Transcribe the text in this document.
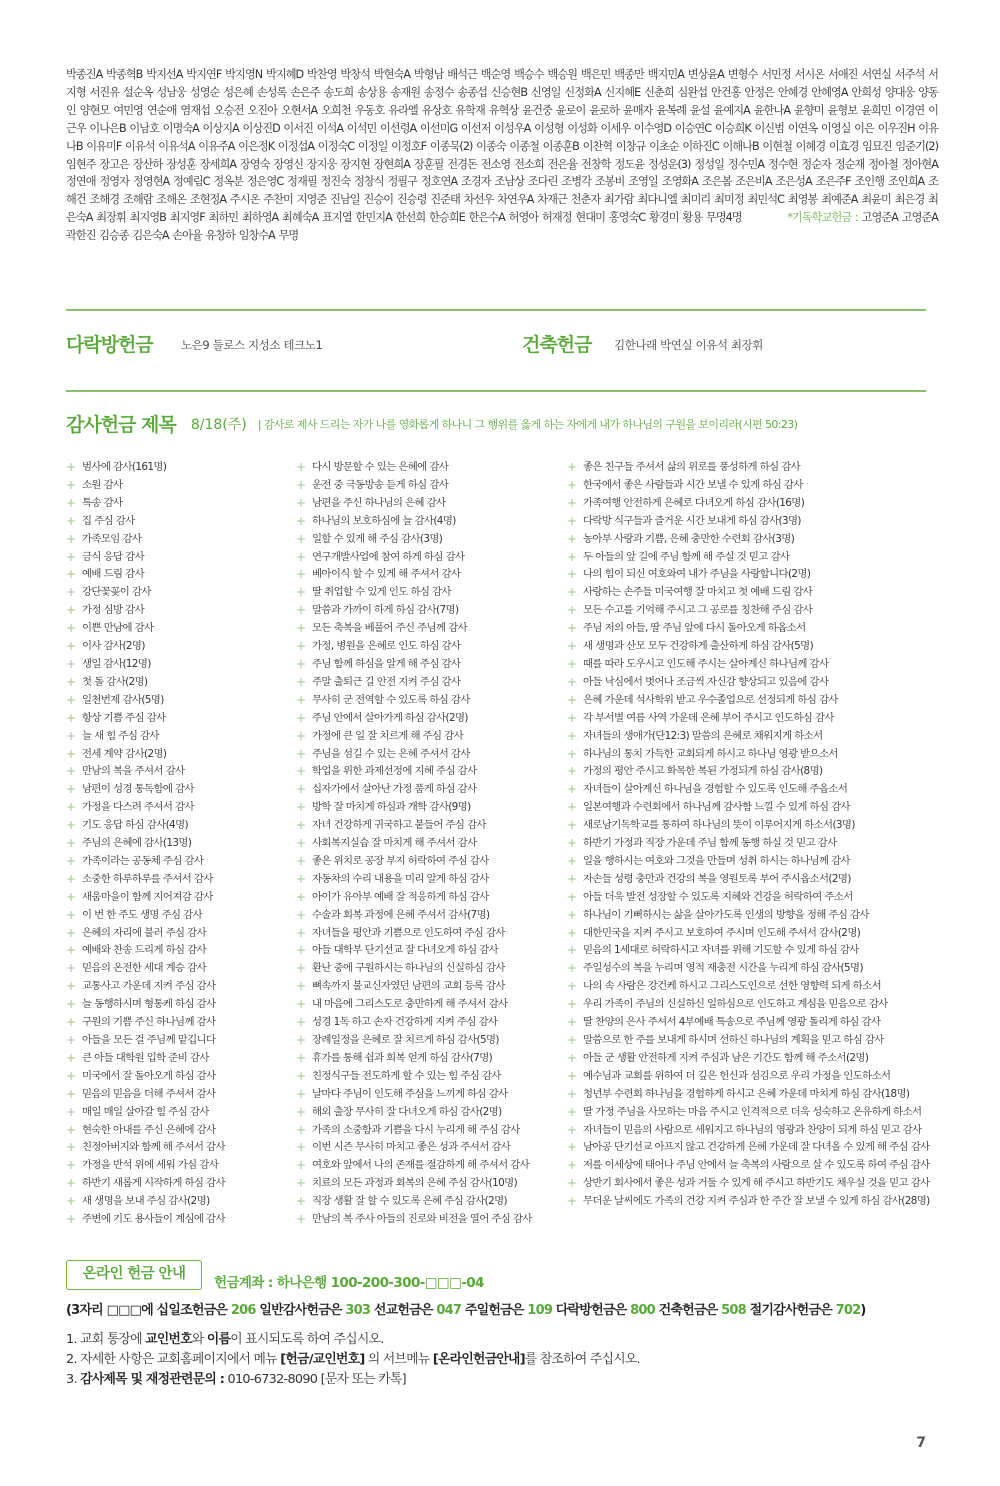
박종진A 박종혁B 박지선A 박지연F 박지영N 박지혜D 박찬영 박창석 박현숙A 박형남 배석근 백순영 백승수 백승원 백은민 백종만 백지민A 변상윤A 변형수 서민정 서시온 서애진 서연실 서주석 서지형 서진유 설순옥 성남웅 성영순 성은혜 손성록 손은주 송도희 송상용 송재원 송정수 송종섭 신승현B 신영일 신정화A 신지혜E 신춘희 심완섭 안건홍 안정은 안혜경 안혜영A 안희성 양대웅 양동인 양현모 여민영 연순애 염재섭 오승전 오진아 오현서A 오희천 우동호 유라엘 유상호 유학재 유혁상 윤건중 윤로이 윤로하 윤매자 윤복례 윤설 윤예지A 윤한나A 윤향미 윤형보 윤희민 이경연 이근우 이나은B 이남호 이명숙A 이상지A 이상진D 이서진 이석A 이석민 이선령A 이선미G 이선저 이성우A 이성형 이성화 이세우 이수영D 이승연C 이승희K 이신범 이연옥 이영실 이은 이우진H 이유나B 이유미F 이유석 이유석A 이유주A 이은정K 이정섭A 이정숙C 이정일 이정호F 이종묵(2) 이종숙 이종철 이종훈B 이찬혁 이창규 이초순 이하진C 이해나B 이현철 이혜경 이효경 임묘진 임준기(2) 임현주 장고은 장산하 장성훈 장세희A 장영숙 장영신 장지웅 장지현 장현희A 장훈필 전경돈 전소영 전소희 전은율 전창학 정도윤 정성운(3) 정성일 정수민A 정수현 정순자 정순재 정아철 정아현A 정연애 정영자 정영현A 정예림C 정옥분 정은영C 정재필 정진숙 정창식 정필구 정호연A 조경자 조남상 조다린 조병각 조봉비 조영일 조영화A 조은봄 조은비A 조은성A 조은주F 조인행 조인희A 조해건 조해경 조해람 조해온 조현정A 주시온 주찬미 지영준 진남일 진승이 진승령 진준태 차선우 차연우A 차재근 천춘자 최가람 최다니엘 최미리 최미정 최민석C 최영봉 최예준A 최윤미 최은경 최은숙A 최장휘 최지영B 최지영F 최하민 최하영A 최혜숙A 표지열 한민지A 한선희 한승희E 한은수A 허영아 허재정 현대미 홍영숙C 황경미 황용 무명4명	*기독학교헌금 : 고영준A 고영준A 곽한진 김승종 김은숙A 손아율 유창하 임창수A 무명
다락방헌금 노은9 둘로스 지성소 테크노1	건축헌금 김한나래 박연실 이유석 최장휘
감사헌금 제목 8/18(주) | 감사로 제사 드리는 자가 나를 영화롭게 하나니 그 행위를 옳게 하는 자에게 내가 하나님의 구원을 보이리라(시편 50:23)
+ 범사에 감사(161명)
+ 소원 감사
+ 특송 감사
+ 집 주심 감사
+ 가족모임 감사
+ 금식 응답 감사
+ 예배 드림 감사
+ 강단꽃꽂이 감사
+ 가정 심방 감사
+ 이쁜 만남에 감사
+ 이사 감사(2명)
+ 생일 감사(12명)
+ 첫 돌 감사(2명)
+ 일천번제 감사(5명)
+ 항상 기쁨 주심 감사
+ 늘 새 힘 주심 감사
+ 전세 계약 감사(2명)
+ 만남의 복을 주셔서 감사
+ 남편이 성경 통독함에 감사
+ 가정을 다스려 주셔서 감사
+ 기도 응답 하심 감사(4명)
+ 주님의 은혜에 감사(13명)
+ 가족이라는 공동체 주심 감사
+ 소중한 하루하루를 주셔서 감사
+ 새움마을이 함께 지어져감 감사
+ 이 번 한 주도 생명 주심 감사
+ 은혜의 자리에 불러 주심 감사
+ 예배와 찬송 드리게 하심 감사
+ 믿음의 온전한 세대 계승 감사
+ 교통사고 가운데 지켜 주심 감사
+ 늘 동행하시며 형통케 하심 감사
+ 구원의 기쁨 주신 하나님께 감사
+ 아들을 모든 걸 주님께 맡깁니다
+ 큰 아들 대학원 입학 준비 감사
+ 미국에서 잘 돌아오게 하심 감사
+ 믿음의 믿음을 더해 주셔서 감사
+ 매일 매일 살아갈 힘 주심 감사
+ 현숙한 아내를 주신 은혜에 감사
+ 친정아버지와 함께 해 주셔서 감사
+ 가정을 반석 위에 세워 가심 감사
+ 하반기 새롭게 시작하게 하심 감사
+ 새 생명을 보내 주심 감사(2명)
+ 주변에 기도 용사들이 계심에 감사
+ 다시 방문할 수 있는 은혜에 감사
+ 운전 중 극동방송 듣게 하심 감사
+ 남편을 주신 하나님의 은혜 감사
+ 하나님의 보호하심에 늘 감사(4명)
+ 일할 수 있게 해 주심 감사(3명)
+ 연구개발사업에 참여 하게 하심 감사
+ 베아이식 할 수 있게 해 주셔서 감사
+ 딸 취업할 수 있게 인도 하심 감사
+ 말씀과 가까이 하게 하심 감사(7명)
+ 모든 축복을 베풀어 주신 주님께 감사
+ 가정, 병원을 은혜로 인도 하심 감사
+ 주님 함께 하심을 알게 해 주심 감사
+ 주말 출퇴근 길 안전 지켜 주심 감사
+ 무사히 군 전역할 수 있도록 하심 감사
+ 주님 안에서 살아가게 하심 감사(2명)
+ 가정에 큰 일 잘 치르게 해 주심 감사
+ 주님을 섬길 수 있는 은혜 주셔서 감사
+ 학업을 위한 과제선정에 지혜 주심 감사
+ 십자가에서 살아난 가정 품게 하심 감사
+ 방학 잘 마치게 하심과 개학 감사(9명)
+ 자녀 건강하게 귀국하고 붙들어 주심 감사
+ 사회복지실습 잘 마치게 해 주셔서 감사
+ 좋은 위치로 공장 부지 허락하여 주심 감사
+ 자동차의 수리 내용을 미리 알게 하심 감사
+ 아이가 유아부 예배 잘 적응하게 하심 감사
+ 수술과 회복 과정에 은혜 주셔서 감사(7명)
+ 자녀들을 평안과 기쁨으로 인도하여 주심 감사
+ 아들 대학부 단기선교 잘 다녀오게 하심 감사
+ 환난 중에 구원하시는 하나님의 신실하심 감사
+ 뼈속까지 불교신자였던 남편의 교회 등록 감사
+ 내 마음에 그리스도로 충만하게 해 주셔서 감사
+ 성경 1독 하고 손자 건강하게 지켜 주심 감사
+ 장례일정을 은혜로 잘 치르게 하심 감사(5명)
+ 휴가를 통해 쉼과 회복 얻게 하심 감사(7명)
+ 친정식구들 전도하게 할 수 있는 힘 주심 감사
+ 날마다 주님이 인도해 주심을 느끼게 하심 감사
+ 해외 출장 무사히 잘 다녀오게 하심 감사(2명)
+ 가족의 소중함과 기쁨을 다시 누리게 해 주심 감사
+ 이번 시즌 무사히 마치고 좋은 성과 주셔서 감사
+ 여호와 앞에서 나의 존재를 절감하게 해 주셔서 감사
+ 치료의 모든 과정과 회복의 은혜 주심 감사(10명)
+ 직장 생활 잘 할 수 있도록 은혜 주심 감사(2명)
+ 만남의 복 주사 아들의 진로와 비전을 열어 주심 감사
+ 좋은 친구들 주셔서 삶의 위로를 풍성하게 하심 감사
+ 한국에서 좋은 사람들과 시간 보낼 수 있게 하심 감사
+ 가족여행 안전하게 은혜로 다녀오게 하심 감사(16명)
+ 다락방 식구들과 즐거운 시간 보내게 하심 감사(3명)
+ 농아부 사랑과 기쁨, 은혜 충만한 수련회 감사(3명)
+ 두 아들의 앞 길에 주님 함께 해 주실 것 믿고 감사
+ 나의 힘이 되신 여호와여 내가 주님을 사랑합니다(2명)
+ 사랑하는 손주들 미국여행 잘 마치고 첫 예배 드림 감사
+ 모든 수고를 기억해 주시고 그 공로를 칭찬해 주심 감사
+ 주님 저의 아들, 딸 주님 앞에 다시 돌아오게 하옵소서
+ 새 생명과 산모 모두 건강하게 출산하게 하심 감사(5명)
+ 때를 따라 도우시고 인도해 주시는 살아계신 하나님께 감사
+ 아들 낙심에서 벗어나 조금씩 자신감 향상되고 있음에 감사
+ 은혜 가운데 석사학위 받고 우수졸업으로 선정되게 하심 감사
+ 각 부서별 여름 사역 가운데 은혜 부어 주시고 인도하심 감사
+ 자녀들의 생애가(단12:3) 말씀의 은혜로 채워지게 하소서
+ 하나님의 통치 가득한 교회되게 하시고 하나님 영광 받으소서
+ 가정의 평안 주시고 화목한 복된 가정되게 하심 감사(8명)
+ 자녀들이 살아계신 하나님을 경험할 수 있도록 인도해 주옵소서
+ 일본여행과 수련회에서 하나님께 감사함 느낄 수 있게 하심 감사
+ 새로남기독학교를 통하여 하나님의 뜻이 이루어지게 하소서(3명)
+ 하반기 가정과 직장 가운데 주님 함께 동행 하실 것 믿고 감사
+ 일을 행하시는 여호와 그것을 만들며 성취 하시는 하나님께 감사
+ 자손들 성령 충만과 건강의 복을 영원토록 부어 주시옵소서(2명)
+ 아들 더욱 발전 성장할 수 있도록 지혜와 건강을 허락하여 주소서
+ 하나님이 기뻐하시는 삶을 살아가도록 인생의 방향을 정해 주심 감사
+ 대한민국을 지켜 주시고 보호하여 주시며 인도해 주셔서 감사(2명)
+ 믿음의 1세대로 허락하시고 자녀를 위해 기도할 수 있게 하심 감사
+ 주일성수의 복을 누리며 영적 재충전 시간을 누리게 하심 감사(5명)
+ 나의 속 사람은 강건케 하시고 그리스도인으로 선한 영향력 되게 하소서
+ 우리 가족이 주님의 신실하신 일하심으로 인도하고 계심을 믿음으로 감사
+ 딸 찬양의 은사 주셔서 4부예배 특송으로 주님께 영광 돌리게 하심 감사
+ 말씀으로 한 주를 보내게 하시며 선하신 하나님의 계획을 믿고 하심 감사
+ 아들 군 생활 안전하게 지켜 주심과 남은 기간도 함께 해 주소서(2명)
+ 예수님과 교회를 위하여 더 깊은 헌신과 섬김으로 우리 가정을 인도하소서
+ 청년부 수련회 하나님을 경험하게 하시고 은혜 가운데 마치게 하심 감사(18명)
+ 딸 가정 주님을 사모하는 마음 주시고 인격적으로 더욱 성숙하고 온유하게 하소서
+ 자녀들이 믿음의 사람으로 세워지고 하나님의 영광과 찬양이 되게 하심 믿고 감사
+ 남아공 단기선교 아프지 않고 건강하게 은혜 가운데 잘 다녀올 수 있게 해 주심 감사
+ 저를 이세상에 태어나 주님 안에서 늘 축복의 사람으로 살 수 있도록 하여 주심 감사
+ 상반기 회사에서 좋은 성과 거둘 수 있게 해 주시고 하반기도 채우실 것을 믿고 감사
+ 무더운 날씨에도 가족의 건강 지켜 주심과 한 주간 잘 보낼 수 있게 하심 감사(28명)
온라인 헌금 안내
헌금계좌 : 하나은행 100-200-300-□□□-04
(3자리 □□□에 십일조헌금은 206 일반감사헌금은 303 선교헌금은 047 주일헌금은 109 다락방헌금은 800 건축헌금은 508 절기감사헌금은 702)
1. 교회 통장에 교인번호와 이름이 표시되도록 하여 주십시오.
2. 자세한 사항은 교회홈페이지에서 메뉴 [헌금/교인번호] 의 서브메뉴 [온라인헌금안내]를 참조하여 주십시오.
3. 감사제목 및 재정관련문의 : 010-6732-8090 [문자 또는 카톡]
7
